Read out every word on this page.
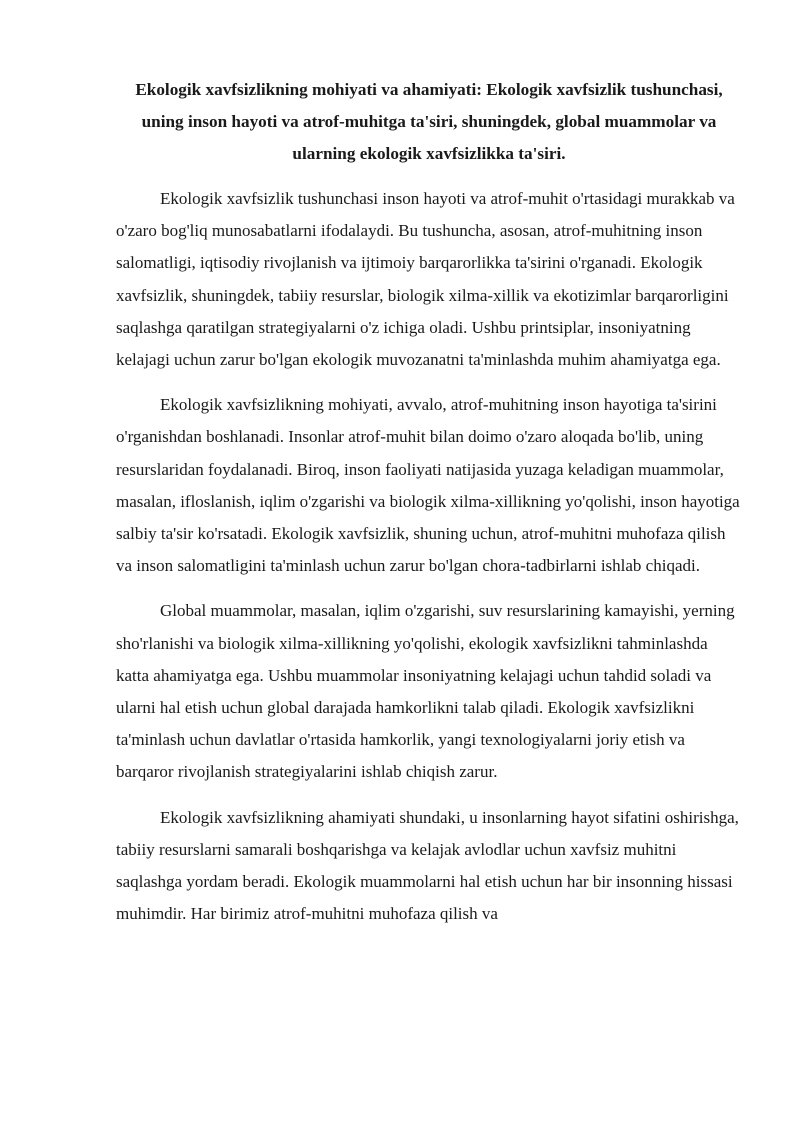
Ekologik xavfsizlikning mohiyati va ahamiyati: Ekologik xavfsizlik tushunchasi, uning inson hayoti va atrof-muhitga ta'siri, shuningdek, global muammolar va ularning ekologik xavfsizlikka ta'siri.

Ekologik xavfsizlik tushunchasi inson hayoti va atrof-muhit o'rtasidagi murakkab va o'zaro bog'liq munosabatlarni ifodalaydi. Bu tushuncha, asosan, atrof-muhitning inson salomatligi, iqtisodiy rivojlanish va ijtimoiy barqarorlikka ta'sirini o'rganadi. Ekologik xavfsizlik, shuningdek, tabiiy resurslar, biologik xilma-xillik va ekotizimlar barqarorligini saqlashga qaratilgan strategiyalarni o'z ichiga oladi. Ushbu printsiplar, insoniyatning kelajagi uchun zarur bo'lgan ekologik muvozanatni ta'minlashda muhim ahamiyatga ega.

Ekologik xavfsizlikning mohiyati, avvalo, atrof-muhitning inson hayotiga ta'sirini o'rganishdan boshlanadi. Insonlar atrof-muhit bilan doimo o'zaro aloqada bo'lib, uning resurslaridan foydalanadi. Biroq, inson faoliyati natijasida yuzaga keladigan muammolar, masalan, ifloslanish, iqlim o'zgarishi va biologik xilma-xillikning yo'qolishi, inson hayotiga salbiy ta'sir ko'rsatadi. Ekologik xavfsizlik, shuning uchun, atrof-muhitni muhofaza qilish va inson salomatligini ta'minlash uchun zarur bo'lgan chora-tadbirlarni ishlab chiqadi.

Global muammolar, masalan, iqlim o'zgarishi, suv resurslarining kamayishi, yerning sho'rlanishi va biologik xilma-xillikning yo'qolishi, ekologik xavfsizlikni tahminlashda katta ahamiyatga ega. Ushbu muammolar insoniyatning kelajagi uchun tahdid soladi va ularni hal etish uchun global darajada hamkorlikni talab qiladi. Ekologik xavfsizlikni ta'minlash uchun davlatlar o'rtasida hamkorlik, yangi texnologiyalarni joriy etish va barqaror rivojlanish strategiyalarini ishlab chiqish zarur.

Ekologik xavfsizlikning ahamiyati shundaki, u insonlarning hayot sifatini oshirishga, tabiiy resurslarni samarali boshqarishga va kelajak avlodlar uchun xavfsiz muhitni saqlashga yordam beradi. Ekologik muammolarni hal etish uchun har bir insonning hissasi muhimdir. Har birimiz atrof-muhitni muhofaza qilish va
